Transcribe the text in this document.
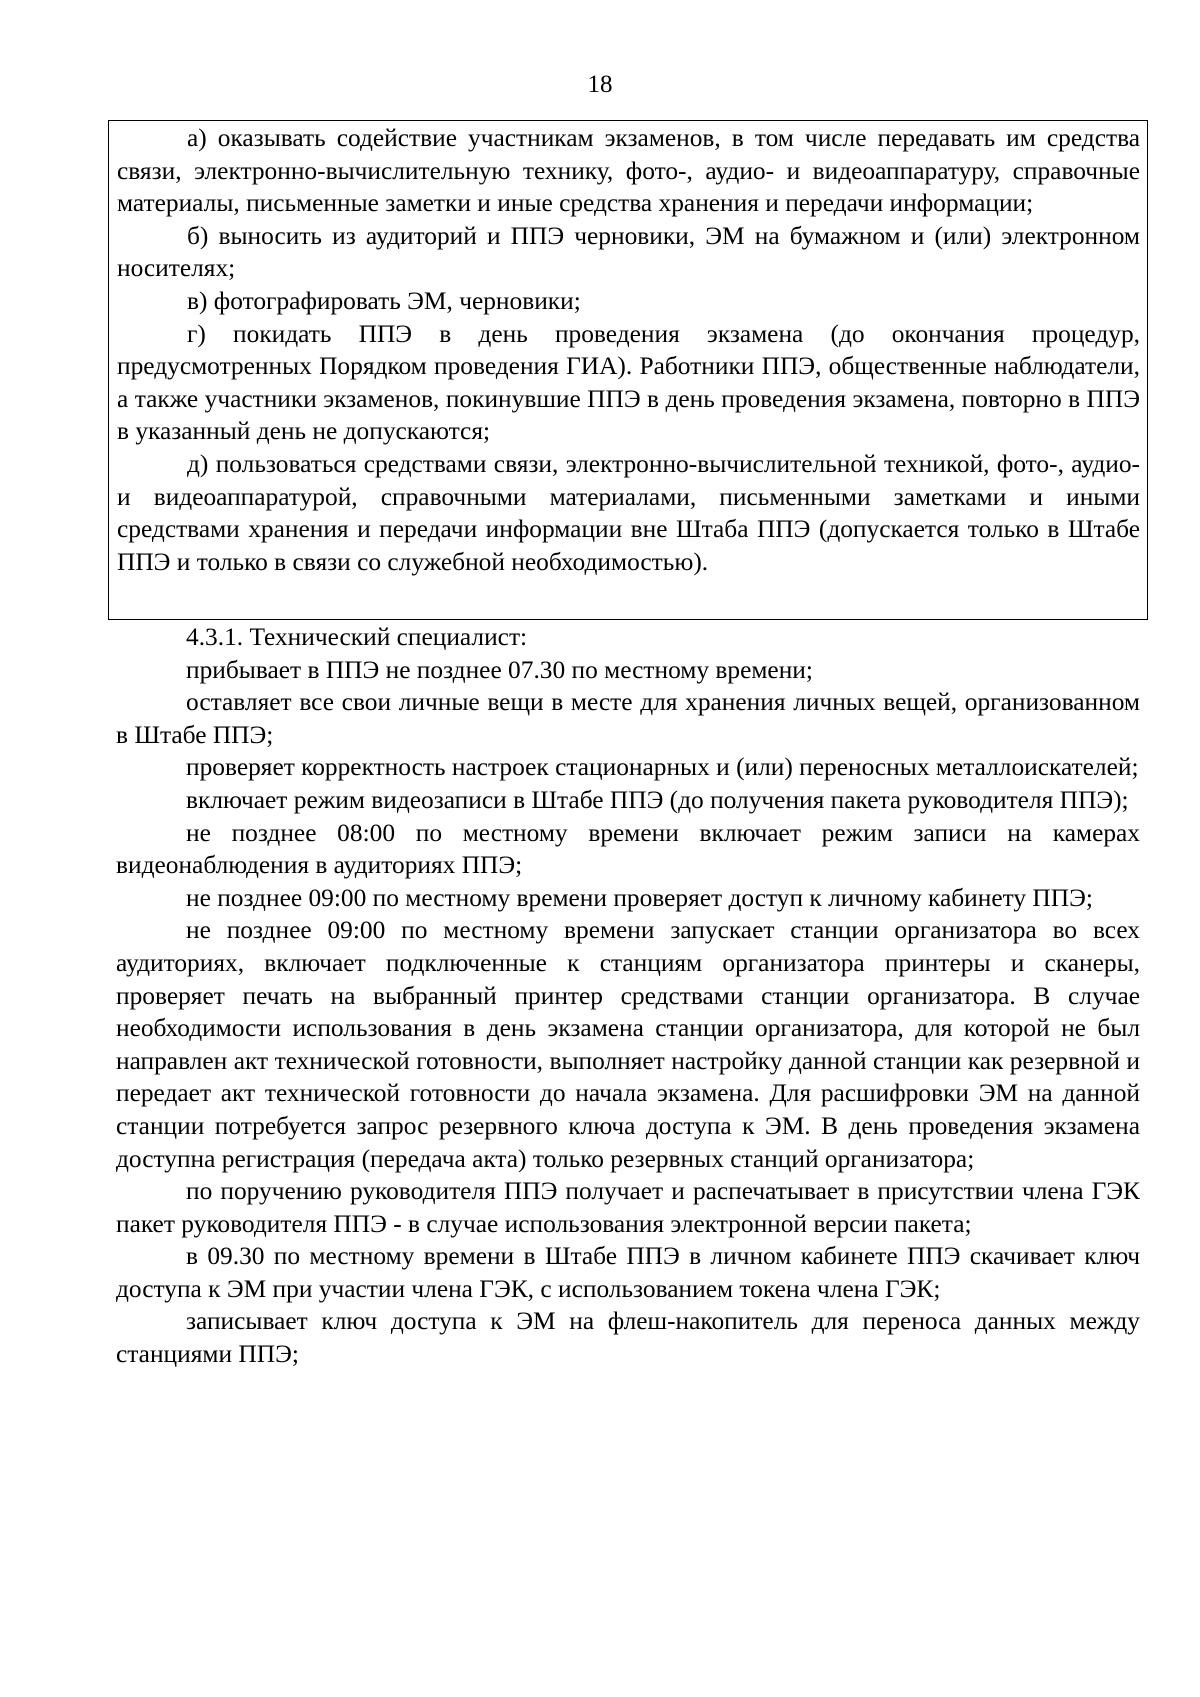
18

а) оказывать содействие участникам экзаменов, в том числе передавать им средства связи, электронно-вычислительную технику, фото-, аудио- и видеоаппаратуру, справочные материалы, письменные заметки и иные средства хранения и передачи информации;

б) выносить из аудиторий и ППЭ черновики, ЭМ на бумажном и (или) электронном носителях;

в) фотографировать ЭМ, черновики;

г) покидать ППЭ в день проведения экзамена (до окончания процедур, предусмотренных Порядком проведения ГИА). Работники ППЭ, общественные наблюдатели, а также участники экзаменов, покинувшие ППЭ в день проведения экзамена, повторно в ППЭ в указанный день не допускаются;

д) пользоваться средствами связи, электронно-вычислительной техникой, фото-, аудио- и видеоаппаратурой, справочными материалами, письменными заметками и иными средствами хранения и передачи информации вне Штаба ППЭ (допускается только в Штабе ППЭ и только в связи со служебной необходимостью).

4.3.1. Технический специалист:

прибывает в ППЭ не позднее 07.30 по местному времени;

оставляет все свои личные вещи в месте для хранения личных вещей, организованном в Штабе ППЭ;

проверяет корректность настроек стационарных и (или) переносных металлоискателей;

включает режим видеозаписи в Штабе ППЭ (до получения пакета руководителя ППЭ);

не позднее 08:00 по местному времени включает режим записи на камерах видеонаблюдения в аудиториях ППЭ;

не позднее 09:00 по местному времени проверяет доступ к личному кабинету ППЭ;

не позднее 09:00 по местному времени запускает станции организатора во всех аудиториях, включает подключенные к станциям организатора принтеры и сканеры, проверяет печать на выбранный принтер средствами станции организатора. В случае необходимости использования в день экзамена станции организатора, для которой не был направлен акт технической готовности, выполняет настройку данной станции как резервной и передает акт технической готовности до начала экзамена. Для расшифровки ЭМ на данной станции потребуется запрос резервного ключа доступа к ЭМ. В день проведения экзамена доступна регистрация (передача акта) только резервных станций организатора;

по поручению руководителя ППЭ получает и распечатывает в присутствии члена ГЭК пакет руководителя ППЭ - в случае использования электронной версии пакета;

в 09.30 по местному времени в Штабе ППЭ в личном кабинете ППЭ скачивает ключ доступа к ЭМ при участии члена ГЭК, с использованием токена члена ГЭК;

записывает ключ доступа к ЭМ на флеш-накопитель для переноса данных между станциями ППЭ;
